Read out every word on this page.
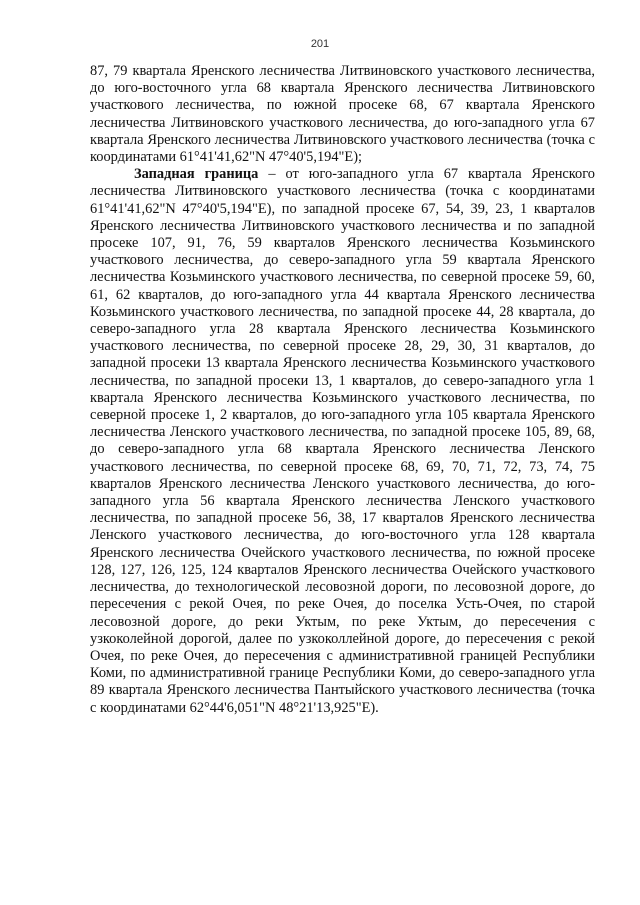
201

87, 79 квартала Яренского лесничества Литвиновского участкового лесничества, до юго-восточного угла 68 квартала Яренского лесничества Литвиновского участкового лесничества, по южной просеке 68, 67 квартала Яренского лесничества Литвиновского участкового лесничества, до юго-западного угла 67 квартала Яренского лесничества Литвиновского участкового лесничества (точка с координатами 61°41'41,62"N 47°40'5,194"E);

Западная граница – от юго-западного угла 67 квартала Яренского лесничества Литвиновского участкового лесничества (точка с координатами 61°41'41,62"N 47°40'5,194"E), по западной просеке 67, 54, 39, 23, 1 кварталов Яренского лесничества Литвиновского участкового лесничества и по западной просеке 107, 91, 76, 59 кварталов Яренского лесничества Козьминского участкового лесничества, до северо-западного угла 59 квартала Яренского лесничества Козьминского участкового лесничества, по северной просеке 59, 60, 61, 62 кварталов, до юго-западного угла 44 квартала Яренского лесничества Козьминского участкового лесничества, по западной просеке 44, 28 квартала, до северо-западного угла 28 квартала Яренского лесничества Козьминского участкового лесничества, по северной просеке 28, 29, 30, 31 кварталов, до западной просеки 13 квартала Яренского лесничества Козьминского участкового лесничества, по западной просеки 13, 1 кварталов, до северо-западного угла 1 квартала Яренского лесничества Козьминского участкового лесничества, по северной просеке 1, 2 кварталов, до юго-западного угла 105 квартала Яренского лесничества Ленского участкового лесничества, по западной просеке 105, 89, 68, до северо-западного угла 68 квартала Яренского лесничества Ленского участкового лесничества, по северной просеке 68, 69, 70, 71, 72, 73, 74, 75 кварталов Яренского лесничества Ленского участкового лесничества, до юго-западного угла 56 квартала Яренского лесничества Ленского участкового лесничества, по западной просеке 56, 38, 17 кварталов Яренского лесничества Ленского участкового лесничества, до юго-восточного угла 128 квартала Яренского лесничества Очейского участкового лесничества, по южной просеке 128, 127, 126, 125, 124 кварталов Яренского лесничества Очейского участкового лесничества, до технологической лесовозной дороги, по лесовозной дороге, до пересечения с рекой Очея, по реке Очея, до поселка Усть-Очея, по старой лесовозной дороге, до реки Уктым, по реке Уктым, до пересечения с узкоколейной дорогой, далее по узкоколлейной дороге, до пересечения с рекой Очея, по реке Очея, до пересечения с административной границей Республики Коми, по административной границе Республики Коми, до северо-западного угла 89 квартала Яренского лесничества Пантыйского участкового лесничества (точка с координатами 62°44'6,051"N 48°21'13,925"E).
